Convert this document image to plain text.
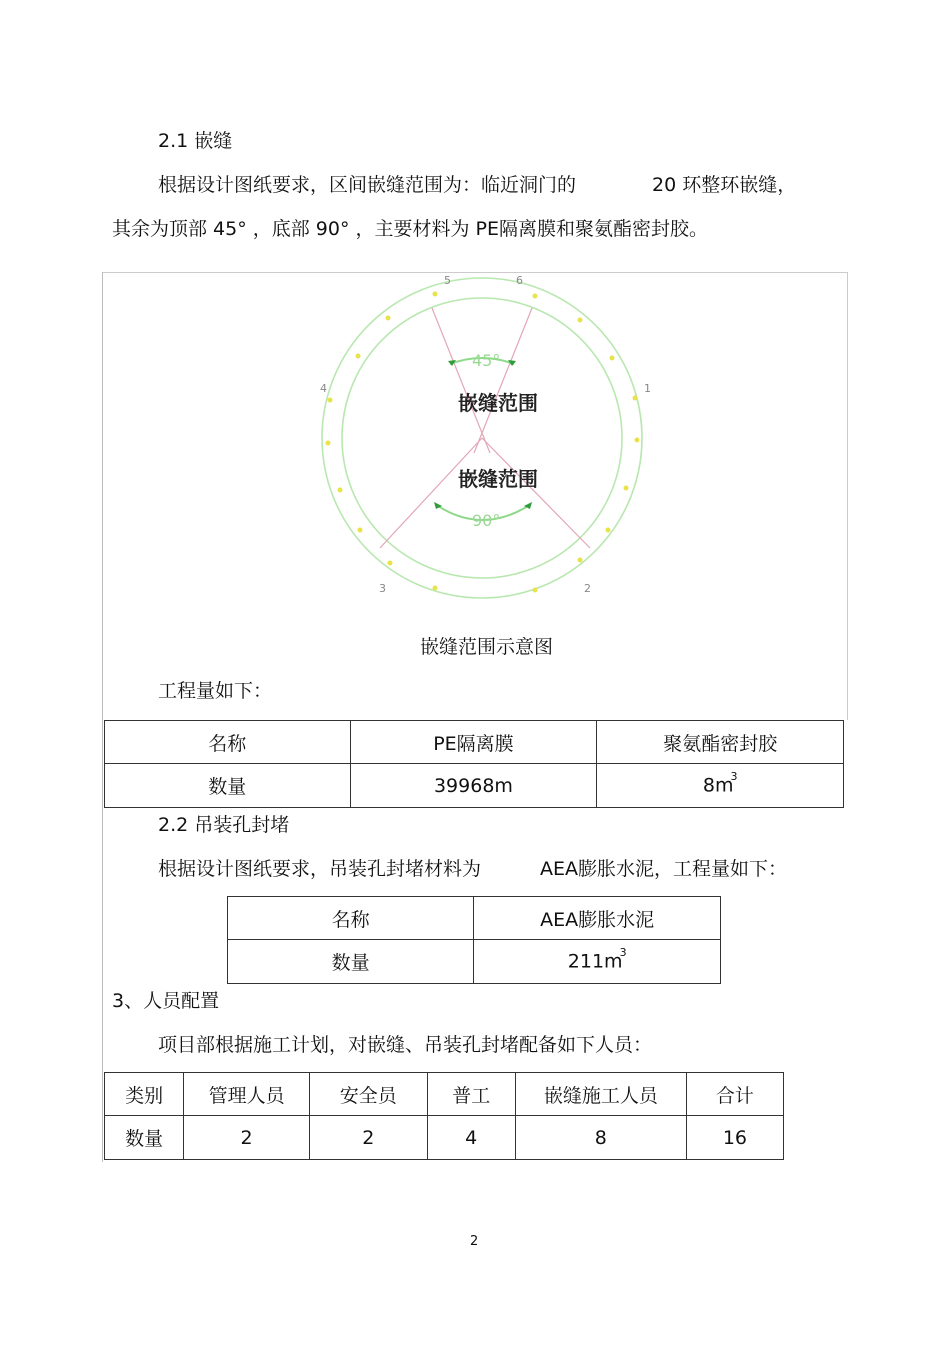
2.1 嵌缝
根据设计图纸要求，区间嵌缝范围为：临近洞门的	20 环整环嵌缝，
其余为顶部 45° ，底部 90° ，主要材料为 PE隔离膜和聚氨酯密封胶。
45°
90°
嵌缝范围
嵌缝范围
5	6
4	1
3	2
嵌缝范围示意图
工程量如下：
名称	PE隔离膜	聚氨酯密封胶
数量	39968m	$8m^3$
2.2 吊装孔封堵
根据设计图纸要求，吊装孔封堵材料为	AEA膨胀水泥，工程量如下：
名称	AEA膨胀水泥
数量	$211m^3$
3、人员配置
项目部根据施工计划，对嵌缝、吊装孔封堵配备如下人员：
类别	管理人员	安全员	普工	嵌缝施工人员	合计
数量	2	2	4	8	16
2
